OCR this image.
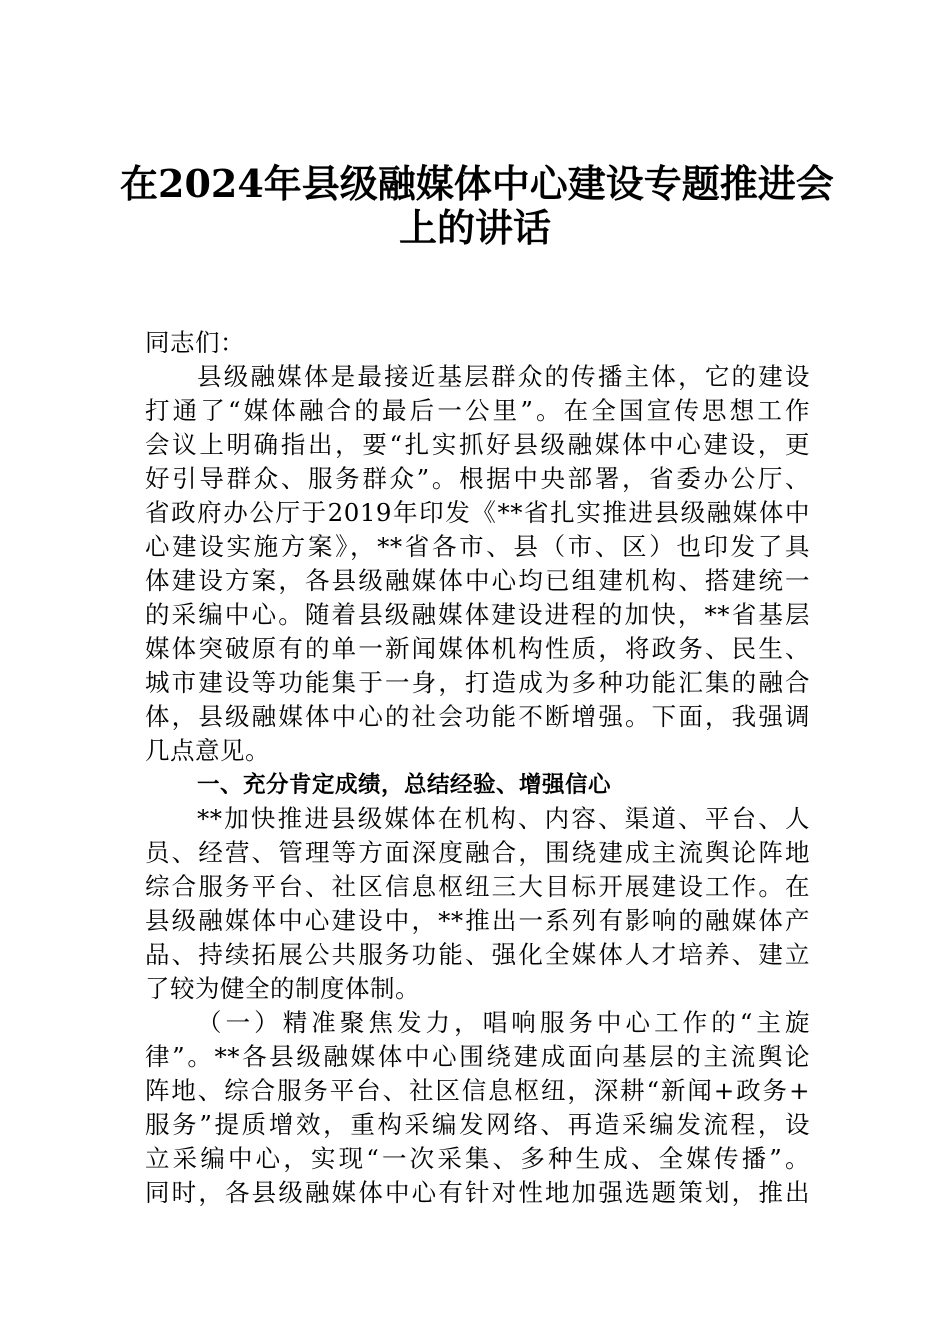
在2024年县级融媒体中心建设专题推进会
上的讲话
同志们：
县级融媒体是最接近基层群众的传播主体，它的建设
打通了“媒体融合的最后一公里”。在全国宣传思想工作
会议上明确指出，要“扎实抓好县级融媒体中心建设，更
好引导群众、服务群众”。根据中央部署，省委办公厅、
省政府办公厅于2019年印发《**省扎实推进县级融媒体中
心建设实施方案》，**省各市、县（市、区）也印发了具
体建设方案，各县级融媒体中心均已组建机构、搭建统一
的采编中心。随着县级融媒体建设进程的加快，**省基层
媒体突破原有的单一新闻媒体机构性质，将政务、民生、
城市建设等功能集于一身，打造成为多种功能汇集的融合
体，县级融媒体中心的社会功能不断增强。下面，我强调
几点意见。
一、充分肯定成绩，总结经验、增强信心
**加快推进县级媒体在机构、内容、渠道、平台、人
员、经营、管理等方面深度融合，围绕建成主流舆论阵地
综合服务平台、社区信息枢纽三大目标开展建设工作。在
县级融媒体中心建设中，**推出一系列有影响的融媒体产
品、持续拓展公共服务功能、强化全媒体人才培养、建立
了较为健全的制度体制。
（一）精准聚焦发力，唱响服务中心工作的“主旋
律”。**各县级融媒体中心围绕建成面向基层的主流舆论
阵地、综合服务平台、社区信息枢纽，深耕“新闻+政务+
服务”提质增效，重构采编发网络、再造采编发流程，设
立采编中心，实现“一次采集、多种生成、全媒传播”。
同时，各县级融媒体中心有针对性地加强选题策划，推出
